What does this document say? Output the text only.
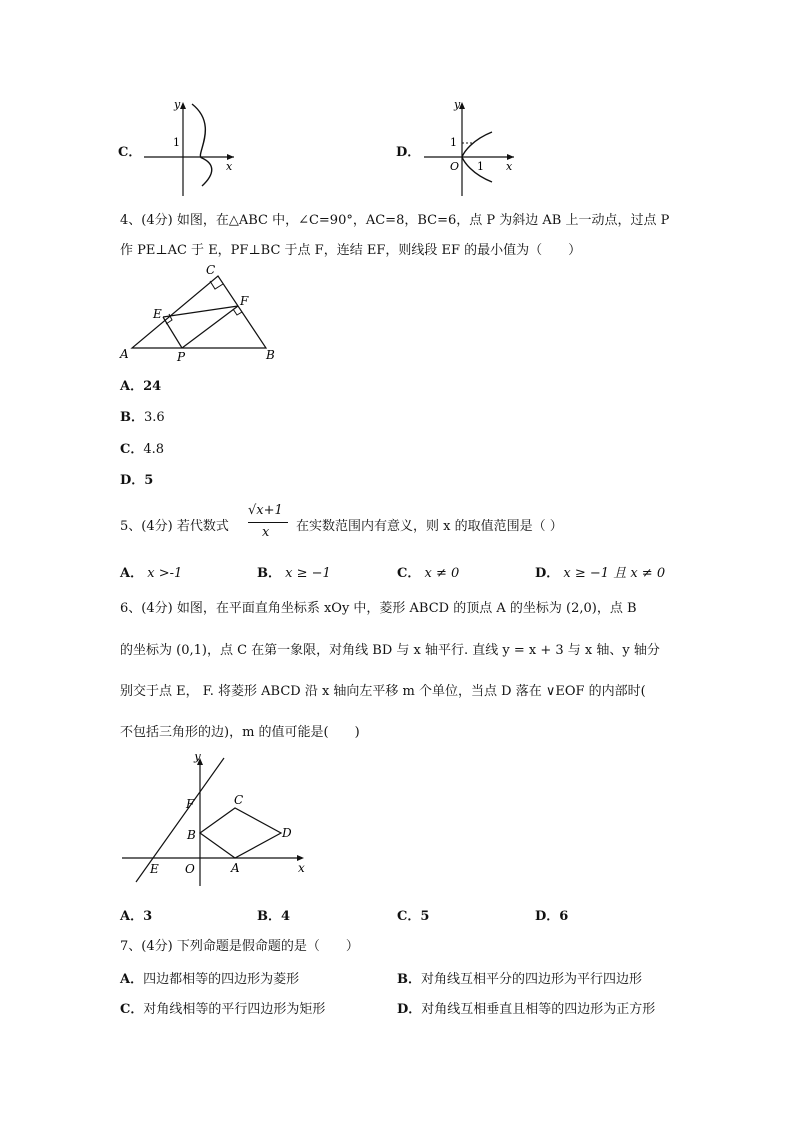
C．
y
x
1
D．
y
x
1
1
O
4、(4分) 如图，在△ABC 中，∠C=90°，AC=8，BC=6，点 P 为斜边 AB 上一动点，过点 P
作 PE⊥AC 于 E，PF⊥BC 于点 F，连结 EF，则线段 EF 的最小值为（　　）
A	B
C
E
F
P
A．24
B．3.6
C．4.8
D．5
5、(4分) 若代数式
√x+1
x 在实数范围内有意义，则 x 的取值范围是（ ）
A． x >-1	B． x ≥ −1	C． x ≠ 0	D． x ≥ −1 且 x ≠ 0
6、(4分) 如图，在平面直角坐标系 xOy 中，菱形 ABCD 的顶点 A 的坐标为 (2,0)，点 B
的坐标为 (0,1)，点 C 在第一象限，对角线 BD 与 x 轴平行. 直线 y = x + 3 与 x 轴、y 轴分
别交于点 E， F. 将菱形 ABCD 沿 x 轴向左平移 m 个单位，当点 D 落在 ∨EOF 的内部时(
不包括三角形的边)，m 的值可能是(　　)
y
x
O
E
F
B
A
C
D
A．3	B．4	C．5	D．6
7、(4分) 下列命题是假命题的是（　　）
A．四边都相等的四边形为菱形	B．对角线互相平分的四边形为平行四边形
C．对角线相等的平行四边形为矩形	D．对角线互相垂直且相等的四边形为正方形
